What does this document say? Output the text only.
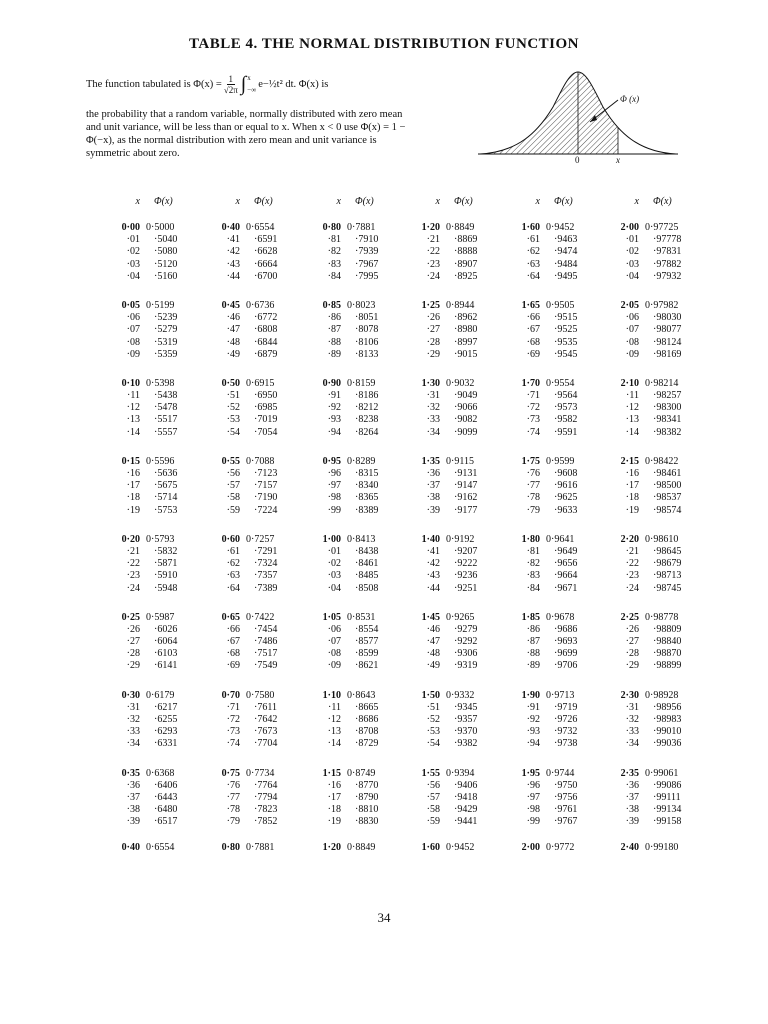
TABLE 4. THE NORMAL DISTRIBUTION FUNCTION
The function tabulated is $\Phi(x) = \frac{1}{√2\pi}$ ∫ x
−∞
e−½t² dt.
Φ(x) is
the probability that a random variable, normally distributed with zero mean and unit variance, will be less than or equal to x. When x < 0 use Φ(x) = 1 − Φ(−x), as the normal distribution with zero mean and unit variance is symmetric about zero.
Φ (x)
0	x
x	Φ(x)
0·00 0·5000
·01	·5040
·02	·5080
·03	·5120
·04	·5160
0·05 0·5199
·06	·5239
·07	·5279
·08	·5319
·09	·5359
0·10 0·5398
·11	·5438
·12	·5478
·13	·5517
·14	·5557
0·15 0·5596
·16	·5636
·17	·5675
·18	·5714
·19	·5753
0·20 0·5793
·21	·5832
·22	·5871
·23	·5910
·24	·5948
0·25 0·5987
·26	·6026
·27	·6064
·28	·6103
·29	·6141
0·30 0·6179
·31	·6217
·32	·6255
·33	·6293
·34	·6331
0·35 0·6368
·36	·6406
·37	·6443
·38	·6480
·39	·6517
0·40 0·6554
x	Φ(x)
0·40 0·6554
·41	·6591
·42	·6628
·43	·6664
·44	·6700
0·45 0·6736
·46	·6772
·47	·6808
·48	·6844
·49	·6879
0·50 0·6915
·51	·6950
·52	·6985
·53	·7019
·54	·7054
0·55 0·7088
·56	·7123
·57	·7157
·58	·7190
·59	·7224
0·60 0·7257
·61	·7291
·62	·7324
·63	·7357
·64	·7389
0·65 0·7422
·66	·7454
·67	·7486
·68	·7517
·69	·7549
0·70 0·7580
·71	·7611
·72	·7642
·73	·7673
·74	·7704
0·75 0·7734
·76	·7764
·77	·7794
·78	·7823
·79	·7852
0·80 0·7881
x	Φ(x)
0·80 0·7881
·81	·7910
·82	·7939
·83	·7967
·84	·7995
0·85 0·8023
·86	·8051
·87	·8078
·88	·8106
·89	·8133
0·90 0·8159
·91	·8186
·92	·8212
·93	·8238
·94	·8264
0·95 0·8289
·96	·8315
·97	·8340
·98	·8365
·99	·8389
1·00 0·8413
·01	·8438
·02	·8461
·03	·8485
·04	·8508
1·05 0·8531
·06	·8554
·07	·8577
·08	·8599
·09	·8621
1·10 0·8643
·11	·8665
·12	·8686
·13	·8708
·14	·8729
1·15 0·8749
·16	·8770
·17	·8790
·18	·8810
·19	·8830
1·20 0·8849
x	Φ(x)
1·20 0·8849
·21	·8869
·22	·8888
·23	·8907
·24	·8925
1·25 0·8944
·26	·8962
·27	·8980
·28	·8997
·29	·9015
1·30 0·9032
·31	·9049
·32	·9066
·33	·9082
·34	·9099
1·35 0·9115
·36	·9131
·37	·9147
·38	·9162
·39	·9177
1·40 0·9192
·41	·9207
·42	·9222
·43	·9236
·44	·9251
1·45 0·9265
·46	·9279
·47	·9292
·48	·9306
·49	·9319
1·50 0·9332
·51	·9345
·52	·9357
·53	·9370
·54	·9382
1·55 0·9394
·56	·9406
·57	·9418
·58	·9429
·59	·9441
1·60 0·9452
x	Φ(x)
1·60 0·9452
·61	·9463
·62	·9474
·63	·9484
·64	·9495
1·65 0·9505
·66	·9515
·67	·9525
·68	·9535
·69	·9545
1·70 0·9554
·71	·9564
·72	·9573
·73	·9582
·74	·9591
1·75 0·9599
·76	·9608
·77	·9616
·78	·9625
·79	·9633
1·80 0·9641
·81	·9649
·82	·9656
·83	·9664
·84	·9671
1·85 0·9678
·86	·9686
·87	·9693
·88	·9699
·89	·9706
1·90 0·9713
·91	·9719
·92	·9726
·93	·9732
·94	·9738
1·95 0·9744
·96	·9750
·97	·9756
·98	·9761
·99	·9767
2·00 0·9772
x	Φ(x)
2·00 0·97725
·01	·97778
·02	·97831
·03	·97882
·04	·97932
2·05 0·97982
·06	·98030
·07	·98077
·08	·98124
·09	·98169
2·10 0·98214
·11	·98257
·12	·98300
·13	·98341
·14	·98382
2·15 0·98422
·16	·98461
·17	·98500
·18	·98537
·19	·98574
2·20 0·98610
·21	·98645
·22	·98679
·23	·98713
·24	·98745
2·25 0·98778
·26	·98809
·27	·98840
·28	·98870
·29	·98899
2·30 0·98928
·31	·98956
·32	·98983
·33	·99010
·34	·99036
2·35 0·99061
·36	·99086
·37	·99111
·38	·99134
·39	·99158
2·40 0·99180
34
